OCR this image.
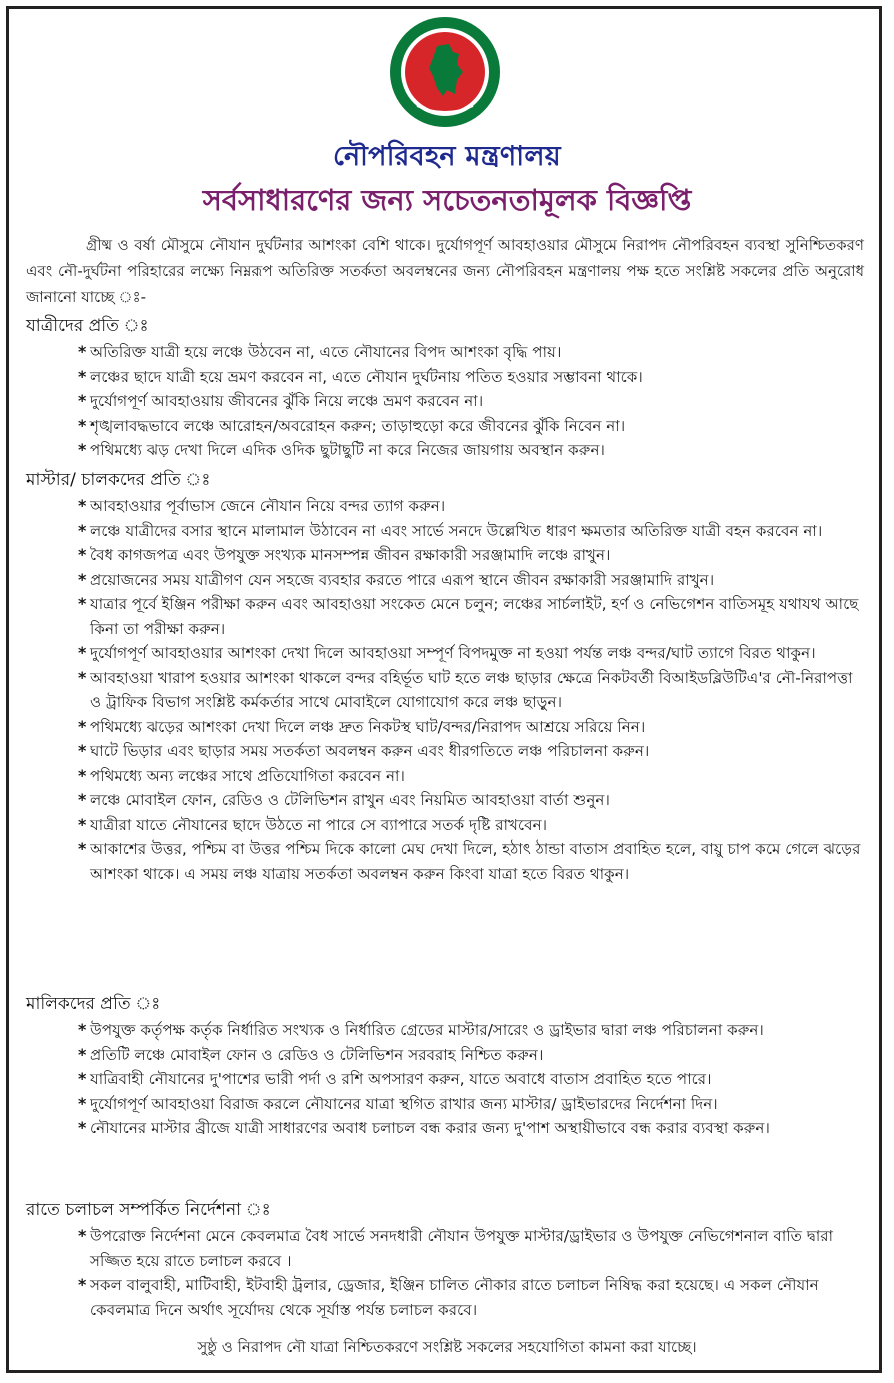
নৌপরিবহন মন্ত্রণালয়
সর্বসাধারণের জন্য সচেতনতামূলক বিজ্ঞপ্তি
গ্রীষ্ম ও বর্ষা মৌসুমে নৌযান দুর্ঘটনার আশংকা বেশি থাকে। দুর্যোগপূর্ণ আবহাওয়ার মৌসুমে নিরাপদ নৌপরিবহন ব্যবস্থা সুনিশ্চিতকরণ এবং নৌ-দুর্ঘটনা পরিহারের লক্ষ্যে নিম্নরূপ অতিরিক্ত সতর্কতা অবলম্বনের জন্য নৌপরিবহন মন্ত্রণালয় পক্ষ হতে সংশ্লিষ্ট সকলের প্রতি অনুরোধ জানানো যাচ্ছে ঃ-
যাত্রীদের প্রতি ঃ
* অতিরিক্ত যাত্রী হয়ে লঞ্চে উঠবেন না, এতে নৌযানের বিপদ আশংকা বৃদ্ধি পায়।
* লঞ্চের ছাদে যাত্রী হয়ে ভ্রমণ করবেন না, এতে নৌযান দুর্ঘটনায় পতিত হওয়ার সম্ভাবনা থাকে।
* দুর্যোগপূর্ণ আবহাওয়ায় জীবনের ঝুঁকি নিয়ে লঞ্চে ভ্রমণ করবেন না।
* শৃঙ্খলাবদ্ধভাবে লঞ্চে আরোহন/অবরোহন করুন; তাড়াহুড়ো করে জীবনের ঝুঁকি নিবেন না।
* পথিমধ্যে ঝড় দেখা দিলে এদিক ওদিক ছুটাছুটি না করে নিজের জায়গায় অবস্থান করুন।
মাস্টার/ চালকদের প্রতি ঃ
* আবহাওয়ার পূর্বাভাস জেনে নৌযান নিয়ে বন্দর ত্যাগ করুন।
* লঞ্চে যাত্রীদের বসার স্থানে মালামাল উঠাবেন না এবং সার্ভে সনদে উল্লেখিত ধারণ ক্ষমতার অতিরিক্ত যাত্রী বহন করবেন না।
* বৈধ কাগজপত্র এবং উপযুক্ত সংখ্যক মানসম্পন্ন জীবন রক্ষাকারী সরঞ্জামাদি লঞ্চে রাখুন।
* প্রয়োজনের সময় যাত্রীগণ যেন সহজে ব্যবহার করতে পারে এরূপ স্থানে জীবন রক্ষাকারী সরঞ্জামাদি রাখুন।
* যাত্রার পূর্বে ইঞ্জিন পরীক্ষা করুন এবং আবহাওয়া সংকেত মেনে চলুন; লঞ্চের সার্চলাইট, হর্ণ ও নেভিগেশন বাতিসমূহ যথাযথ আছে কিনা তা পরীক্ষা করুন।
* দুর্যোগপূর্ণ আবহাওয়ার আশংকা দেখা দিলে আবহাওয়া সম্পূর্ণ বিপদমুক্ত না হওয়া পর্যন্ত লঞ্চ বন্দর/ঘাট ত্যাগে বিরত থাকুন।
* আবহাওয়া খারাপ হওয়ার আশংকা থাকলে বন্দর বহির্ভূত ঘাট হতে লঞ্চ ছাড়ার ক্ষেত্রে নিকটবর্তী বিআইডব্লিউটিএ'র নৌ-নিরাপত্তা ও ট্রাফিক বিভাগ সংশ্লিষ্ট কর্মকর্তার সাথে মোবাইলে যোগাযোগ করে লঞ্চ ছাড়ুন।
* পথিমধ্যে ঝড়ের আশংকা দেখা দিলে লঞ্চ দ্রুত নিকটস্থ ঘাট/বন্দর/নিরাপদ আশ্রয়ে সরিয়ে নিন।
* ঘাটে ভিড়ার এবং ছাড়ার সময় সতর্কতা অবলম্বন করুন এবং ধীরগতিতে লঞ্চ পরিচালনা করুন।
* পথিমধ্যে অন্য লঞ্চের সাথে প্রতিযোগিতা করবেন না।
* লঞ্চে মোবাইল ফোন, রেডিও ও টেলিভিশন রাখুন এবং নিয়মিত আবহাওয়া বার্তা শুনুন।
* যাত্রীরা যাতে নৌযানের ছাদে উঠতে না পারে সে ব্যাপারে সতর্ক দৃষ্টি রাখবেন।
* আকাশের উত্তর, পশ্চিম বা উত্তর পশ্চিম দিকে কালো মেঘ দেখা দিলে, হঠাৎ ঠান্ডা বাতাস প্রবাহিত হলে, বায়ু চাপ কমে গেলে ঝড়ের আশংকা থাকে। এ সময় লঞ্চ যাত্রায় সতর্কতা অবলম্বন করুন কিংবা যাত্রা হতে বিরত থাকুন।
মালিকদের প্রতি ঃ
* উপযুক্ত কর্তৃপক্ষ কর্তৃক নির্ধারিত সংখ্যক ও নির্ধারিত গ্রেডের মাস্টার/সারেং ও ড্রাইভার দ্বারা লঞ্চ পরিচালনা করুন।
* প্রতিটি লঞ্চে মোবাইল ফোন ও রেডিও ও টেলিভিশন সরবরাহ নিশ্চিত করুন।
* যাত্রিবাহী নৌযানের দু'পাশের ভারী পর্দা ও রশি অপসারণ করুন, যাতে অবাধে বাতাস প্রবাহিত হতে পারে।
* দুর্যোগপূর্ণ আবহাওয়া বিরাজ করলে নৌযানের যাত্রা স্থগিত রাখার জন্য মাস্টার/ ড্রাইভারদের নির্দেশনা দিন।
* নৌযানের মাস্টার ব্রীজে যাত্রী সাধারণের অবাধ চলাচল বন্ধ করার জন্য দু'পাশ অস্থায়ীভাবে বন্ধ করার ব্যবস্থা করুন।
রাতে চলাচল সম্পর্কিত নির্দেশনা ঃ
* উপরোক্ত নির্দেশনা মেনে কেবলমাত্র বৈধ সার্ভে সনদধারী নৌযান উপযুক্ত মাস্টার/ড্রাইভার ও উপযুক্ত নেভিগেশনাল বাতি দ্বারা সজ্জিত হয়ে রাতে চলাচল করবে ।
* সকল বালুবাহী, মাটিবাহী, ইটবাহী ট্রলার, ড্রেজার, ইঞ্জিন চালিত নৌকার রাতে চলাচল নিষিদ্ধ করা হয়েছে। এ সকল নৌযান কেবলমাত্র দিনে অর্থাৎ সূর্যোদয় থেকে সূর্যাস্ত পর্যন্ত চলাচল করবে।
সুষ্ঠু ও নিরাপদ নৌ যাত্রা নিশ্চিতকরণে সংশ্লিষ্ট সকলের সহযোগিতা কামনা করা যাচ্ছে।
